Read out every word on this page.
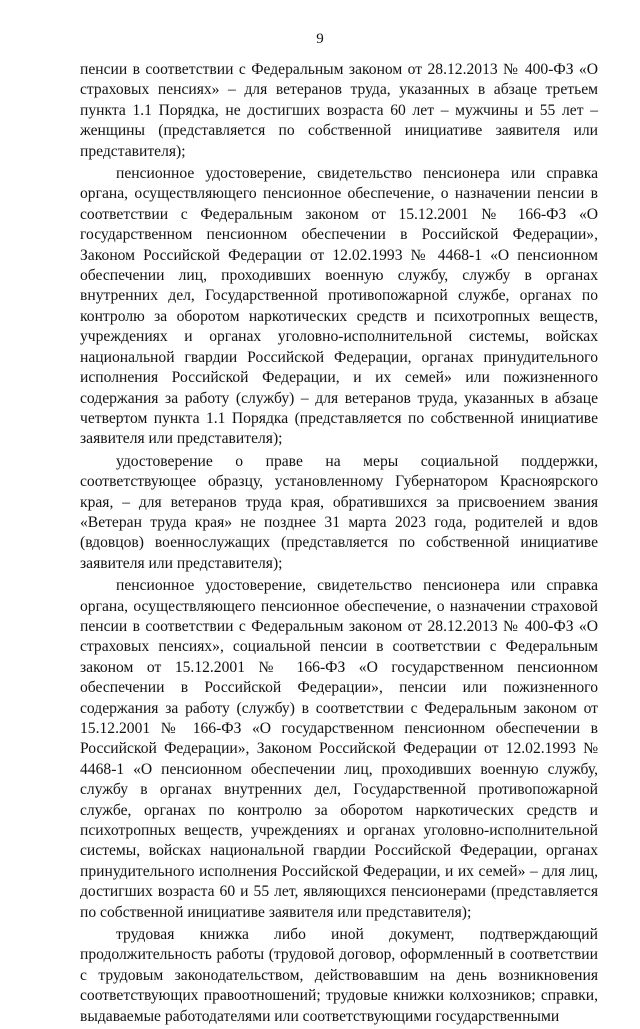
9

пенсии в соответствии с Федеральным законом от 28.12.2013 № 400-ФЗ «О страховых пенсиях» – для ветеранов труда, указанных в абзаце третьем пункта 1.1 Порядка, не достигших возраста 60 лет – мужчины и 55 лет – женщины (представляется по собственной инициативе заявителя или представителя);

пенсионное удостоверение, свидетельство пенсионера или справка органа, осуществляющего пенсионное обеспечение, о назначении пенсии в соответствии с Федеральным законом от 15.12.2001 № 166-ФЗ «О государственном пенсионном обеспечении в Российской Федерации», Законом Российской Федерации от 12.02.1993 № 4468-1 «О пенсионном обеспечении лиц, проходивших военную службу, службу в органах внутренних дел, Государственной противопожарной службе, органах по контролю за оборотом наркотических средств и психотропных веществ, учреждениях и органах уголовно-исполнительной системы, войсках национальной гвардии Российской Федерации, органах принудительного исполнения Российской Федерации, и их семей» или пожизненного содержания за работу (службу) – для ветеранов труда, указанных в абзаце четвертом пункта 1.1 Порядка (представляется по собственной инициативе заявителя или представителя);

удостоверение о праве на меры социальной поддержки, соответствующее образцу, установленному Губернатором Красноярского края, – для ветеранов труда края, обратившихся за присвоением звания «Ветеран труда края» не позднее 31 марта 2023 года, родителей и вдов (вдовцов) военнослужащих (представляется по собственной инициативе заявителя или представителя);

пенсионное удостоверение, свидетельство пенсионера или справка органа, осуществляющего пенсионное обеспечение, о назначении страховой пенсии в соответствии с Федеральным законом от 28.12.2013 № 400-ФЗ «О страховых пенсиях», социальной пенсии в соответствии с Федеральным законом от 15.12.2001 № 166-ФЗ «О государственном пенсионном обеспечении в Российской Федерации», пенсии или пожизненного содержания за работу (службу) в соответствии с Федеральным законом от 15.12.2001 № 166-ФЗ «О государственном пенсионном обеспечении в Российской Федерации», Законом Российской Федерации от 12.02.1993 № 4468-1 «О пенсионном обеспечении лиц, проходивших военную службу, службу в органах внутренних дел, Государственной противопожарной службе, органах по контролю за оборотом наркотических средств и психотропных веществ, учреждениях и органах уголовно-исполнительной системы, войсках национальной гвардии Российской Федерации, органах принудительного исполнения Российской Федерации, и их семей» – для лиц, достигших возраста 60 и 55 лет, являющихся пенсионерами (представляется по собственной инициативе заявителя или представителя);

трудовая книжка либо иной документ, подтверждающий продолжительность работы (трудовой договор, оформленный в соответствии с трудовым законодательством, действовавшим на день возникновения соответствующих правоотношений; трудовые книжки колхозников; справки, выдаваемые работодателями или соответствующими государственными
